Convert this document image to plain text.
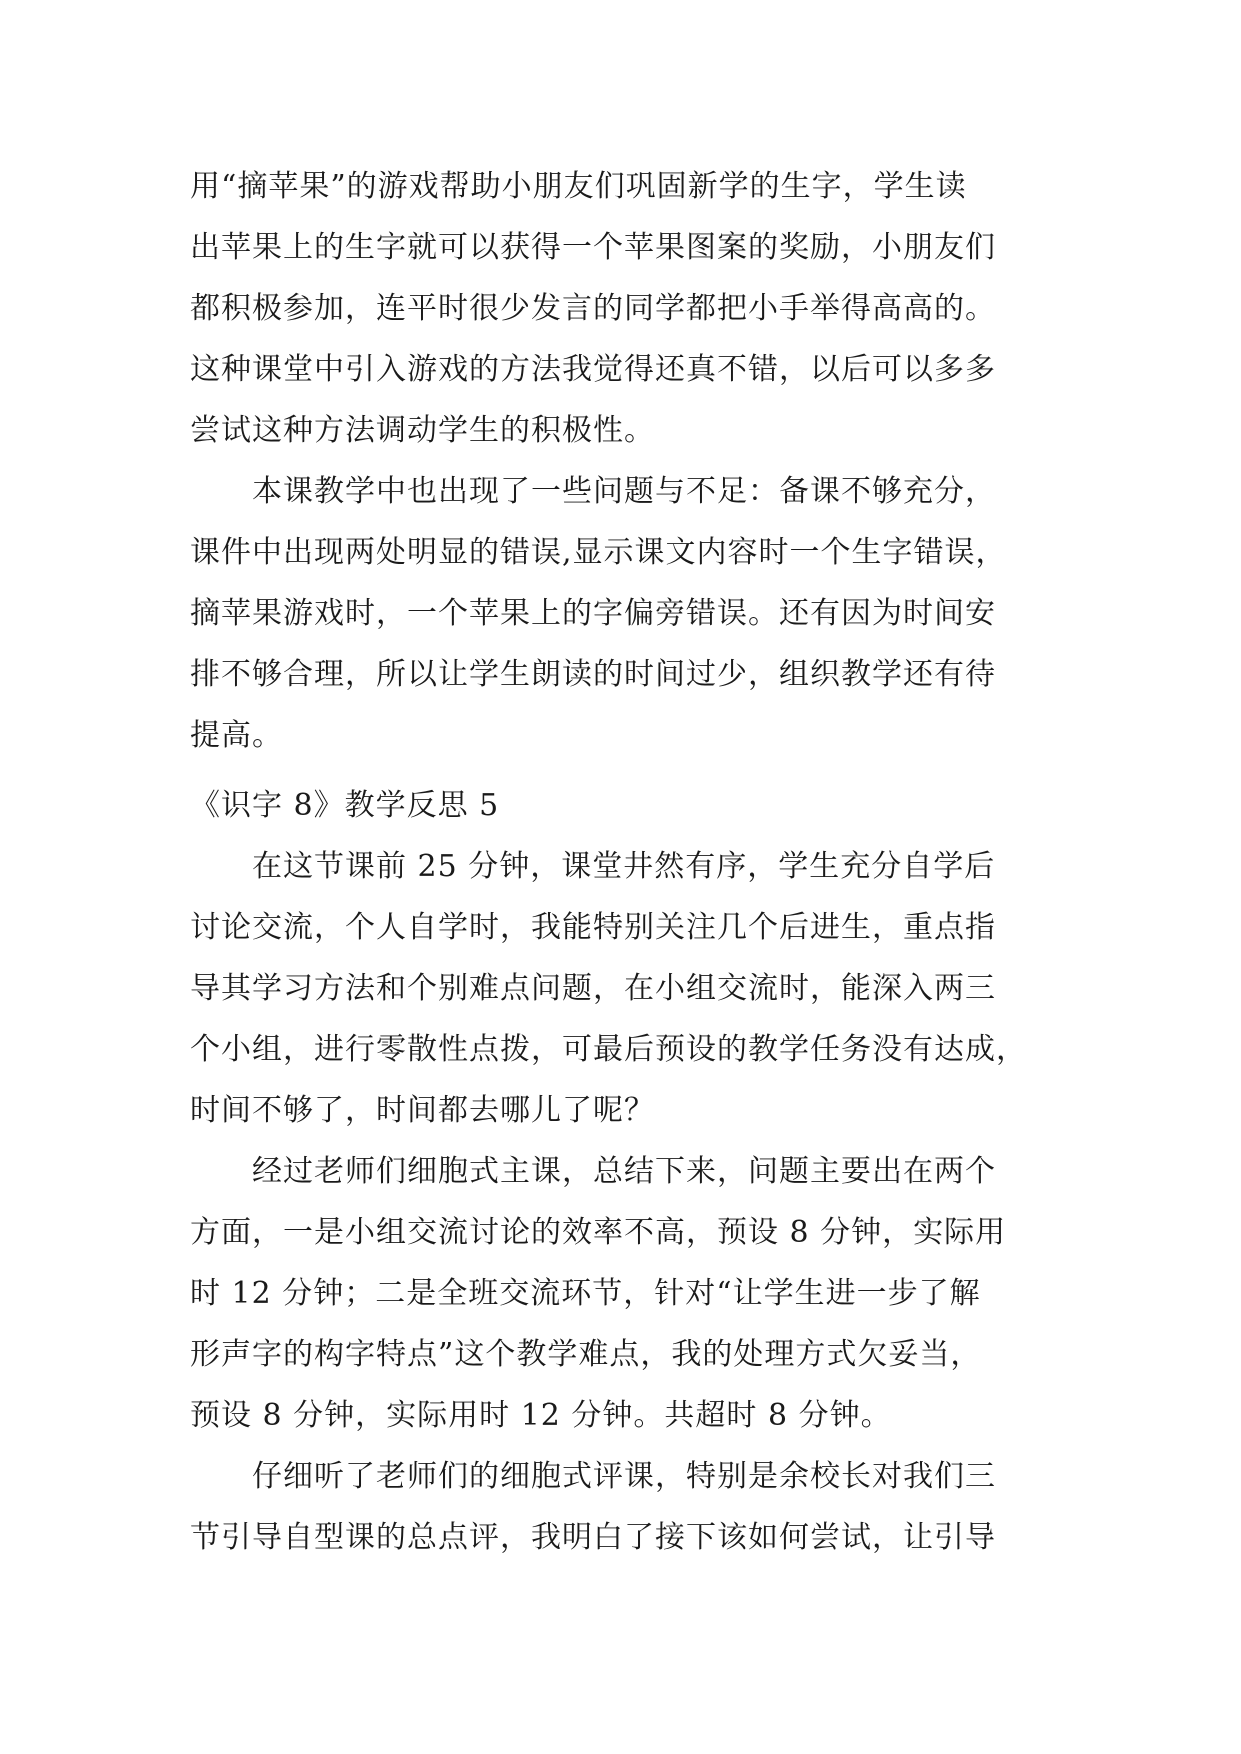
用“摘苹果”的游戏帮助小朋友们巩固新学的生字，学生读
出苹果上的生字就可以获得一个苹果图案的奖励，小朋友们
都积极参加，连平时很少发言的同学都把小手举得高高的。
这种课堂中引入游戏的方法我觉得还真不错，以后可以多多
尝试这种方法调动学生的积极性。
　　本课教学中也出现了一些问题与不足：备课不够充分，
课件中出现两处明显的错误,显示课文内容时一个生字错误，
摘苹果游戏时，一个苹果上的字偏旁错误。还有因为时间安
排不够合理，所以让学生朗读的时间过少，组织教学还有待
提高。
《识字 8》教学反思 5
　　在这节课前 25 分钟，课堂井然有序，学生充分自学后
讨论交流，个人自学时，我能特别关注几个后进生，重点指
导其学习方法和个别难点问题，在小组交流时，能深入两三
个小组，进行零散性点拨，可最后预设的教学任务没有达成，
时间不够了，时间都去哪儿了呢？
　　经过老师们细胞式主课，总结下来，问题主要出在两个
方面，一是小组交流讨论的效率不高，预设 8 分钟，实际用
时 12 分钟；二是全班交流环节，针对“让学生进一步了解
形声字的构字特点”这个教学难点，我的处理方式欠妥当，
预设 8 分钟，实际用时 12 分钟。共超时 8 分钟。
　　仔细听了老师们的细胞式评课，特别是余校长对我们三
节引导自型课的总点评，我明白了接下该如何尝试，让引导
